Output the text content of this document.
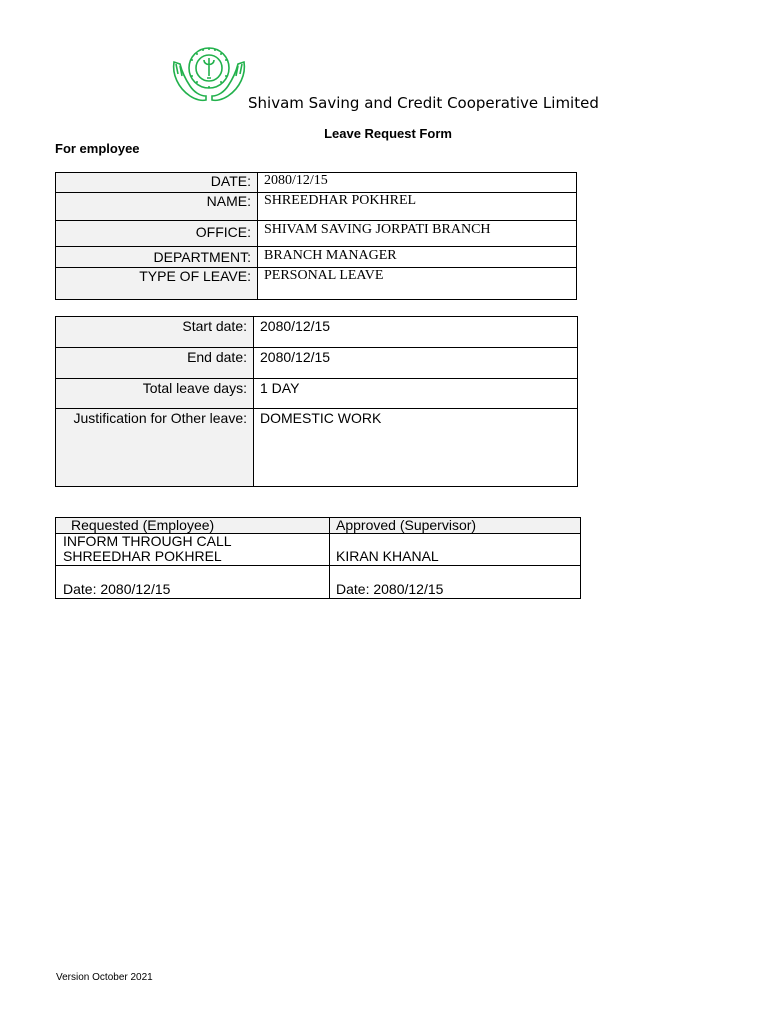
Shivam Saving and Credit Cooperative Limited
Leave Request Form
For employee
DATE:	2080/12/15
NAME:	SHREEDHAR POKHREL
OFFICE:	SHIVAM SAVING JORPATI BRANCH
DEPARTMENT:	BRANCH MANAGER
TYPE OF LEAVE:	PERSONAL LEAVE
Start date:	2080/12/15
End date:	2080/12/15
Total leave days:	1 DAY
Justification for Other leave:	DOMESTIC WORK
Requested (Employee)	Approved (Supervisor)

INFORM THROUGH CALL
SHREEDHAR POKHREL	KIRAN KHANAL

Date: 2080/12/15	Date: 2080/12/15
Version October 2021
